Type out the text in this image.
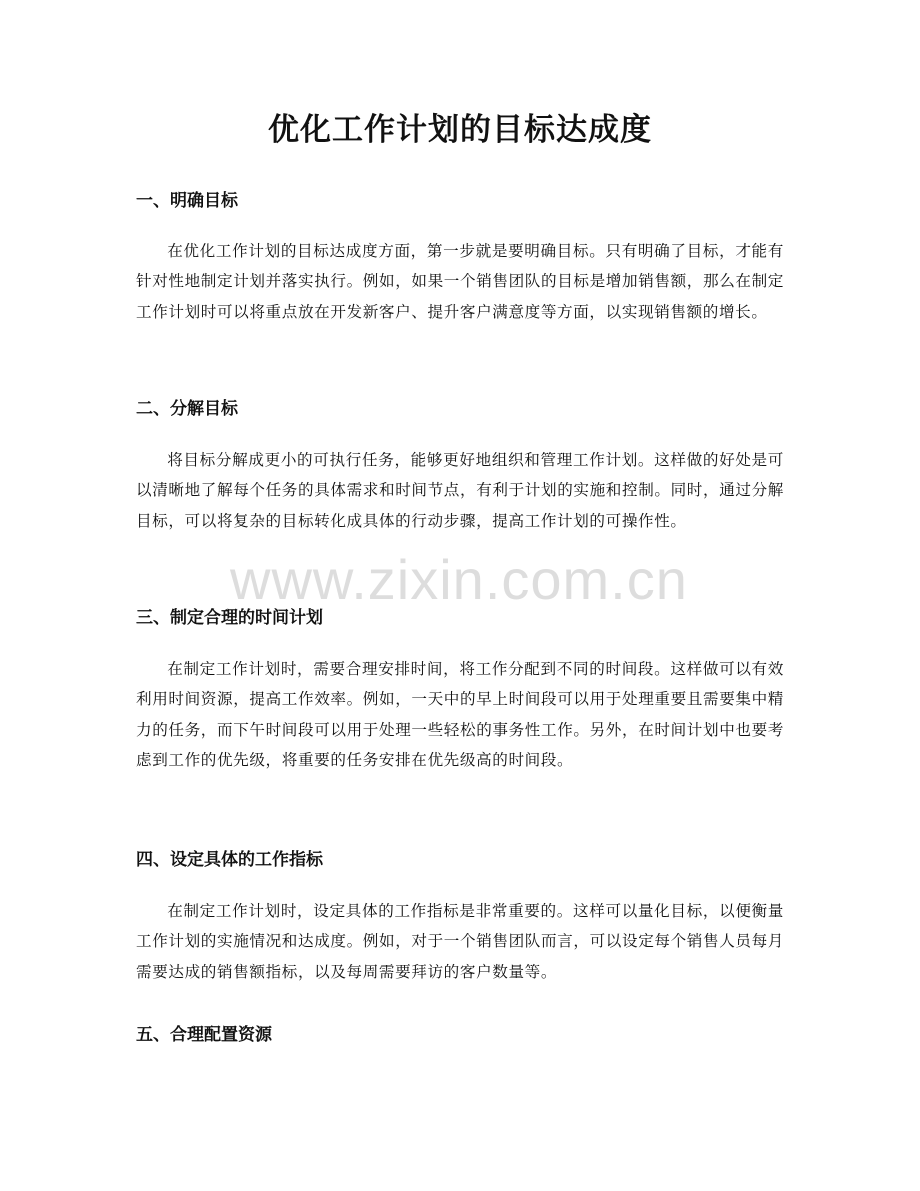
优化工作计划的目标达成度
一、明确目标

在优化工作计划的目标达成度方面，第一步就是要明确目标。只有明确了目标，才能有针对性地制定计划并落实执行。例如，如果一个销售团队的目标是增加销售额，那么在制定工作计划时可以将重点放在开发新客户、提升客户满意度等方面，以实现销售额的增长。

二、分解目标

将目标分解成更小的可执行任务，能够更好地组织和管理工作计划。这样做的好处是可以清晰地了解每个任务的具体需求和时间节点，有利于计划的实施和控制。同时，通过分解目标，可以将复杂的目标转化成具体的行动步骤，提高工作计划的可操作性。

三、制定合理的时间计划

在制定工作计划时，需要合理安排时间，将工作分配到不同的时间段。这样做可以有效利用时间资源，提高工作效率。例如，一天中的早上时间段可以用于处理重要且需要集中精力的任务，而下午时间段可以用于处理一些轻松的事务性工作。另外，在时间计划中也要考虑到工作的优先级，将重要的任务安排在优先级高的时间段。

四、设定具体的工作指标

在制定工作计划时，设定具体的工作指标是非常重要的。这样可以量化目标，以便衡量工作计划的实施情况和达成度。例如，对于一个销售团队而言，可以设定每个销售人员每月需要达成的销售额指标，以及每周需要拜访的客户数量等。

五、合理配置资源
www.zixin.com.cn
